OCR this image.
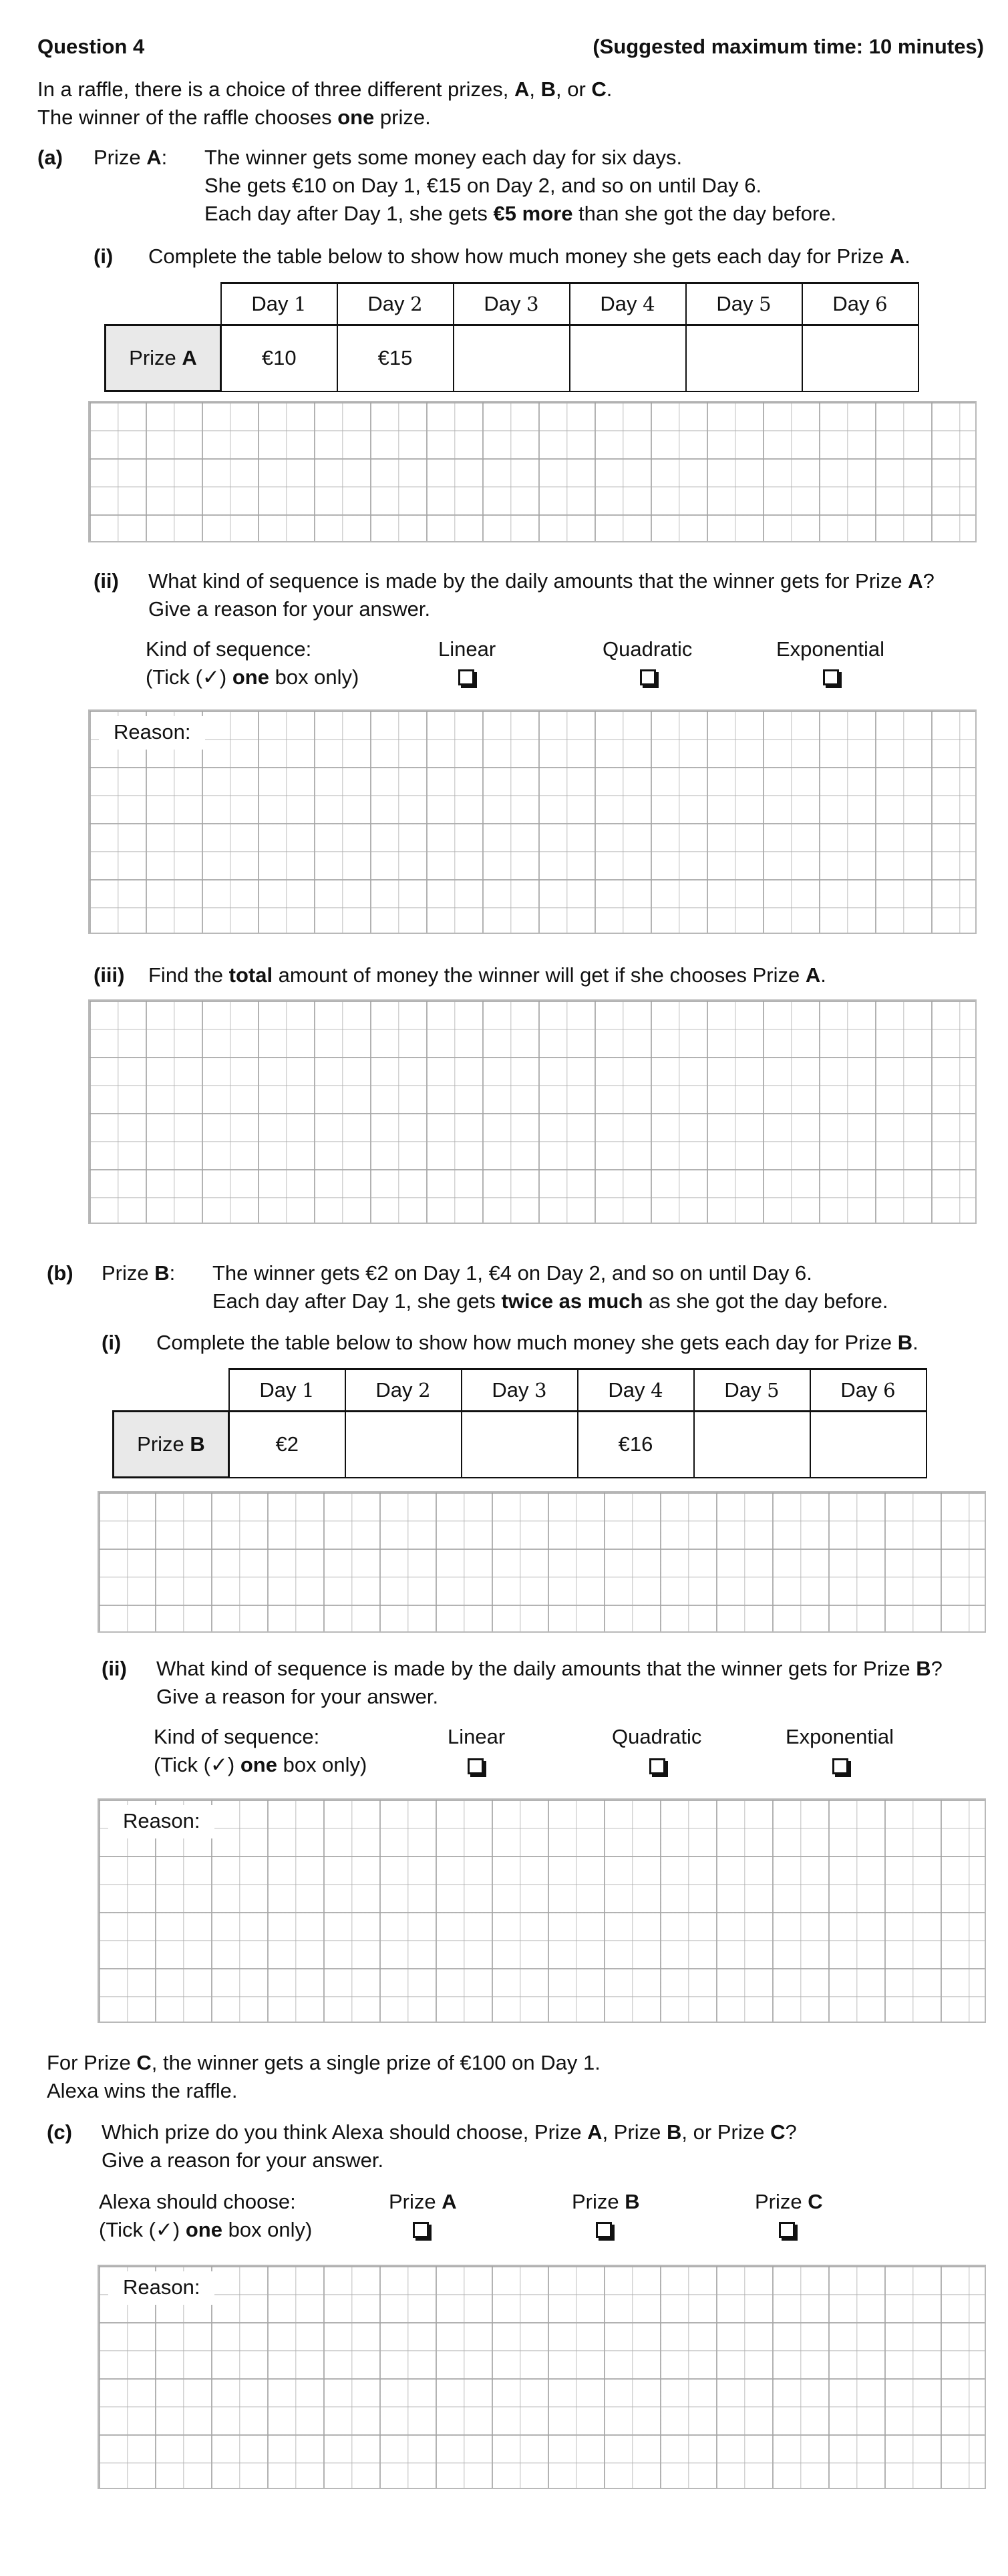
Question 4	(Suggested maximum time: 10 minutes)
In a raffle, there is a choice of three different prizes, A, B, or C.
The winner of the raffle chooses one prize.
(a) Prize A: The winner gets some money each day for six days.
She gets €10 on Day 1, €15 on Day 2, and so on until Day 6.
Each day after Day 1, she gets €5 more than she got the day before.
(i) Complete the table below to show how much money she gets each day for Prize A.
	Day 1	Day 2	Day 3	Day 4	Day 5	Day 6
Prize A	€10	€15				
(ii) What kind of sequence is made by the daily amounts that the winner gets for Prize A?
Give a reason for your answer.
Kind of sequence:
(Tick (✓) one box only)
Linear	Quadratic	Exponential
Reason:
(iii) Find the total amount of money the winner will get if she chooses Prize A.
(b) Prize B: The winner gets €2 on Day 1, €4 on Day 2, and so on until Day 6.
Each day after Day 1, she gets twice as much as she got the day before.
(i) Complete the table below to show how much money she gets each day for Prize B.
	Day 1	Day 2	Day 3	Day 4	Day 5	Day 6
Prize B	€2			€16		
(ii) What kind of sequence is made by the daily amounts that the winner gets for Prize B?
Give a reason for your answer.
Kind of sequence:
(Tick (✓) one box only)
Linear	Quadratic	Exponential
Reason:
For Prize C, the winner gets a single prize of €100 on Day 1.
Alexa wins the raffle.
(c) Which prize do you think Alexa should choose, Prize A, Prize B, or Prize C?
Give a reason for your answer.
Alexa should choose:
(Tick (✓) one box only)
Prize A	Prize B	Prize C
Reason:
